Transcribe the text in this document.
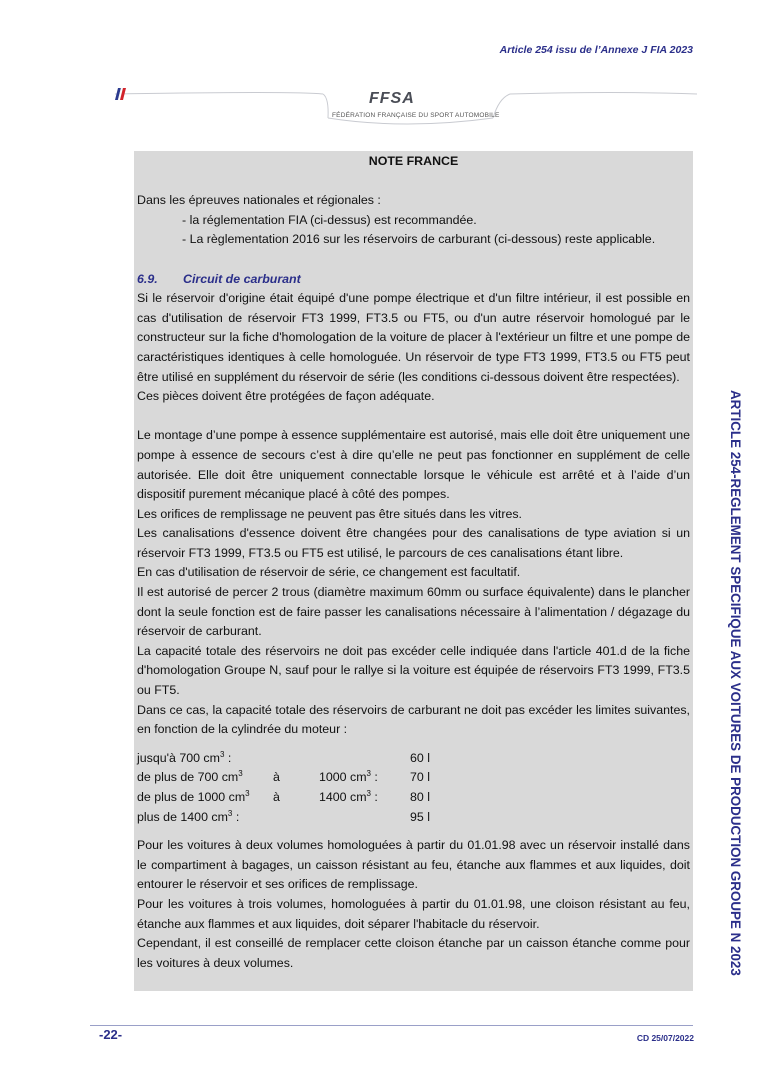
Article 254 issu de l’Annexe J FIA 2023
FFSA
FÉDÉRATION FRANÇAISE DU SPORT AUTOMOBILE
NOTE FRANCE

Dans les épreuves nationales et régionales :

- la réglementation FIA (ci-dessus) est recommandée.

- La règlementation 2016 sur les réservoirs de carburant (ci-dessous) reste applicable.

6.9. Circuit de carburant

Si le réservoir d'origine était équipé d'une pompe électrique et d'un filtre intérieur, il est possible en cas d'utilisation de réservoir FT3 1999, FT3.5 ou FT5, ou d'un autre réservoir homologué par le constructeur sur la fiche d'homologation de la voiture de placer à l'extérieur un filtre et une pompe de caractéristiques identiques à celle homologuée. Un réservoir de type FT3 1999, FT3.5 ou FT5 peut être utilisé en supplément du réservoir de série (les conditions ci-dessous doivent être respectées).

Ces pièces doivent être protégées de façon adéquate.

Le montage d’une pompe à essence supplémentaire est autorisé, mais elle doit être uniquement une pompe à essence de secours c’est à dire qu’elle ne peut pas fonctionner en supplément de celle autorisée. Elle doit être uniquement connectable lorsque le véhicule est arrêté et à l’aide d’un dispositif purement mécanique placé à côté des pompes.

Les orifices de remplissage ne peuvent pas être situés dans les vitres.

Les canalisations d'essence doivent être changées pour des canalisations de type aviation si un réservoir FT3 1999, FT3.5 ou FT5 est utilisé, le parcours de ces canalisations étant libre.

En cas d'utilisation de réservoir de série, ce changement est facultatif.

Il est autorisé de percer 2 trous (diamètre maximum 60mm ou surface équivalente) dans le plancher dont la seule fonction est de faire passer les canalisations nécessaire à l’alimentation / dégazage du réservoir de carburant.

La capacité totale des réservoirs ne doit pas excéder celle indiquée dans l'article 401.d de la fiche d'homologation Groupe N, sauf pour le rallye si la voiture est équipée de réservoirs FT3 1999, FT3.5 ou FT5.

Dans ce cas, la capacité totale des réservoirs de carburant ne doit pas excéder les limites suivantes, en fonction de la cylindrée du moteur :

jusqu'à 700 $cm^3$ :	60 l
de plus de 700 $cm^3$ à	1000 $cm^3$ :	70 l
de plus de 1000 $cm^3$ à	1400 $cm^3$ :	80 l
plus de 1400 $cm^3$ :	95 l

Pour les voitures à deux volumes homologuées à partir du 01.01.98 avec un réservoir installé dans le compartiment à bagages, un caisson résistant au feu, étanche aux flammes et aux liquides, doit entourer le réservoir et ses orifices de remplissage.

Pour les voitures à trois volumes, homologuées à partir du 01.01.98, une cloison résistant au feu, étanche aux flammes et aux liquides, doit séparer l'habitacle du réservoir.

Cependant, il est conseillé de remplacer cette cloison étanche par un caisson étanche comme pour les voitures à deux volumes.	ARTICLE 254-REGLEMENT SPECIFIQUE AUX VOITURES DE PRODUCTION GROUPE N 2023
-22-	CD 25/07/2022
